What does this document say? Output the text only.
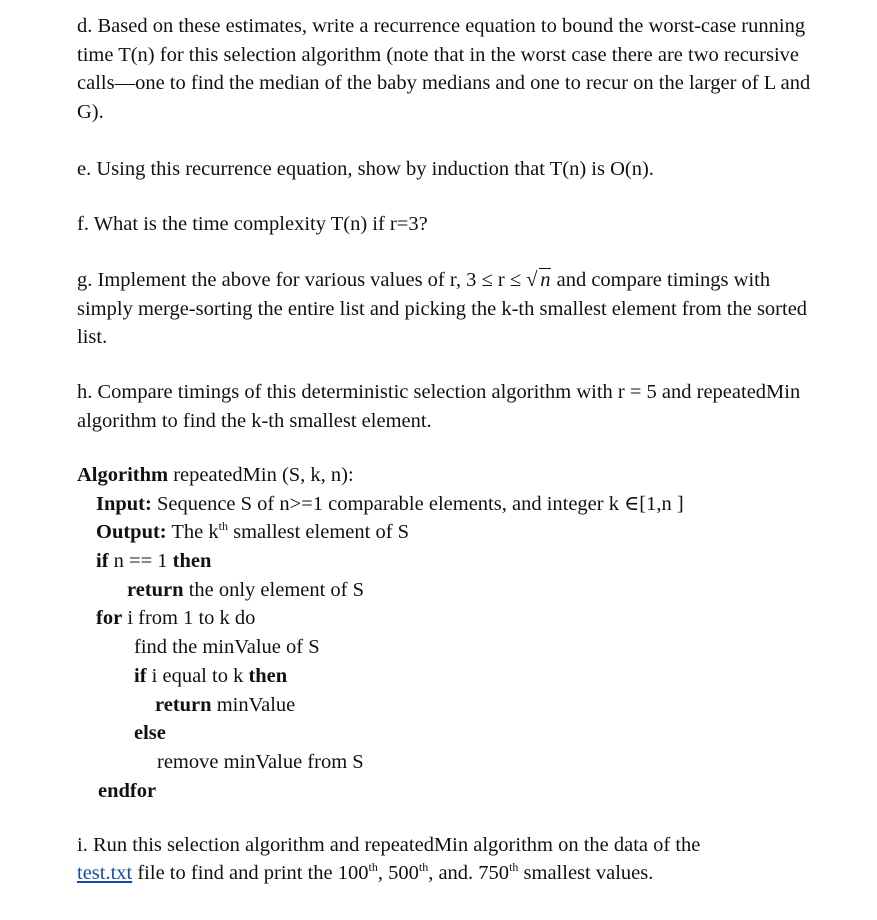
d. Based on these estimates, write a recurrence equation to bound the worst-case running time T(n) for this selection algorithm (note that in the worst case there are two recursive calls—one to find the median of the baby medians and one to recur on the larger of L and G).

e. Using this recurrence equation, show by induction that T(n) is O(n).

f. What is the time complexity T(n) if r=3?

g. Implement the above for various values of r, 3 ≤ r ≤ √ n and compare timings with simply merge-sorting the entire list and picking the k-th smallest element from the sorted list.

h. Compare timings of this deterministic selection algorithm with r = 5 and repeatedMin algorithm to find the k-th smallest element.

Algorithm repeatedMin (S, k, n):
Input: Sequence S of n>=1 comparable elements, and integer k ∈[1,n ]
Output: The $k^{th}$ smallest element of S
if n == 1 then
return the only element of S
for i from 1 to k do
find the minValue of S
if i equal to k then
return minValue
else
remove minValue from S
endfor
i. Run this selection algorithm and repeatedMin algorithm on the data of the
test.txt file to find and print the 100th, 500th, and. 750th smallest values.
